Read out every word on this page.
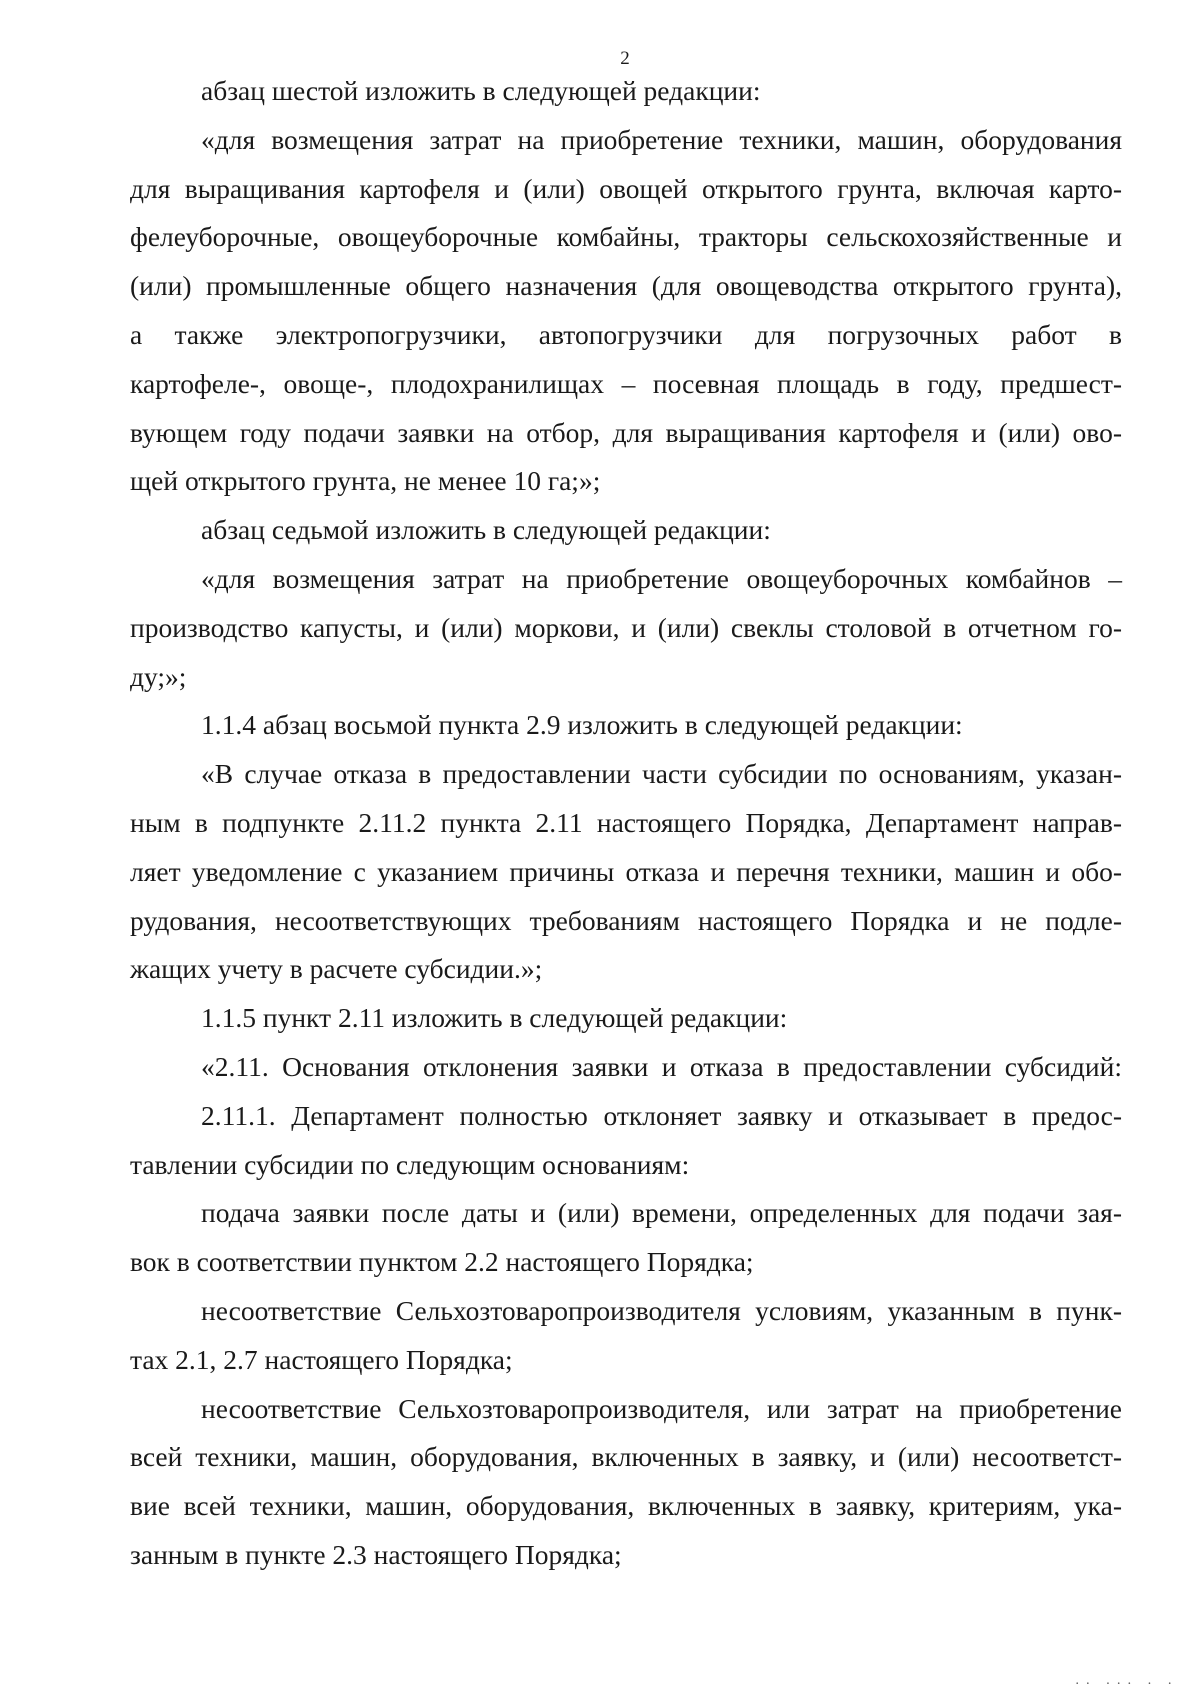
2
абзац шестой изложить в следующей редакции:
«для возмещения затрат на приобретение техники, машин, оборудования
для выращивания картофеля и (или) овощей открытого грунта, включая карто-
фелеуборочные, овощеуборочные комбайны, тракторы сельскохозяйственные и
(или) промышленные общего назначения (для овощеводства открытого грунта),
а также электропогрузчики, автопогрузчики для погрузочных работ в
картофеле-, овоще-, плодохранилищах – посевная площадь в году, предшест-
вующем году подачи заявки на отбор, для выращивания картофеля и (или) ово-
щей открытого грунта, не менее 10 га;»;
абзац седьмой изложить в следующей редакции:
«для возмещения затрат на приобретение овощеуборочных комбайнов –
производство капусты, и (или) моркови, и (или) свеклы столовой в отчетном го-
ду;»;
1.1.4 абзац восьмой пункта 2.9 изложить в следующей редакции:
«В случае отказа в предоставлении части субсидии по основаниям, указан-
ным в подпункте 2.11.2 пункта 2.11 настоящего Порядка, Департамент направ-
ляет уведомление с указанием причины отказа и перечня техники, машин и обо-
рудования, несоответствующих требованиям настоящего Порядка и не подле-
жащих учету в расчете субсидии.»;
1.1.5 пункт 2.11 изложить в следующей редакции:
«2.11. Основания отклонения заявки и отказа в предоставлении субсидий:
2.11.1. Департамент полностью отклоняет заявку и отказывает в предос-
тавлении субсидии по следующим основаниям:
подача заявки после даты и (или) времени, определенных для подачи зая-
вок в соответствии пунктом 2.2 настоящего Порядка;
несоответствие Сельхозтоваропроизводителя условиям, указанным в пунк-
тах 2.1, 2.7 настоящего Порядка;
несоответствие Сельхозтоваропроизводителя, или затрат на приобретение
всей техники, машин, оборудования, включенных в заявку, и (или) несоответст-
вие всей техники, машин, оборудования, включенных в заявку, критериям, ука-
занным в пункте 2.3 настоящего Порядка;
·· ··· · ·
